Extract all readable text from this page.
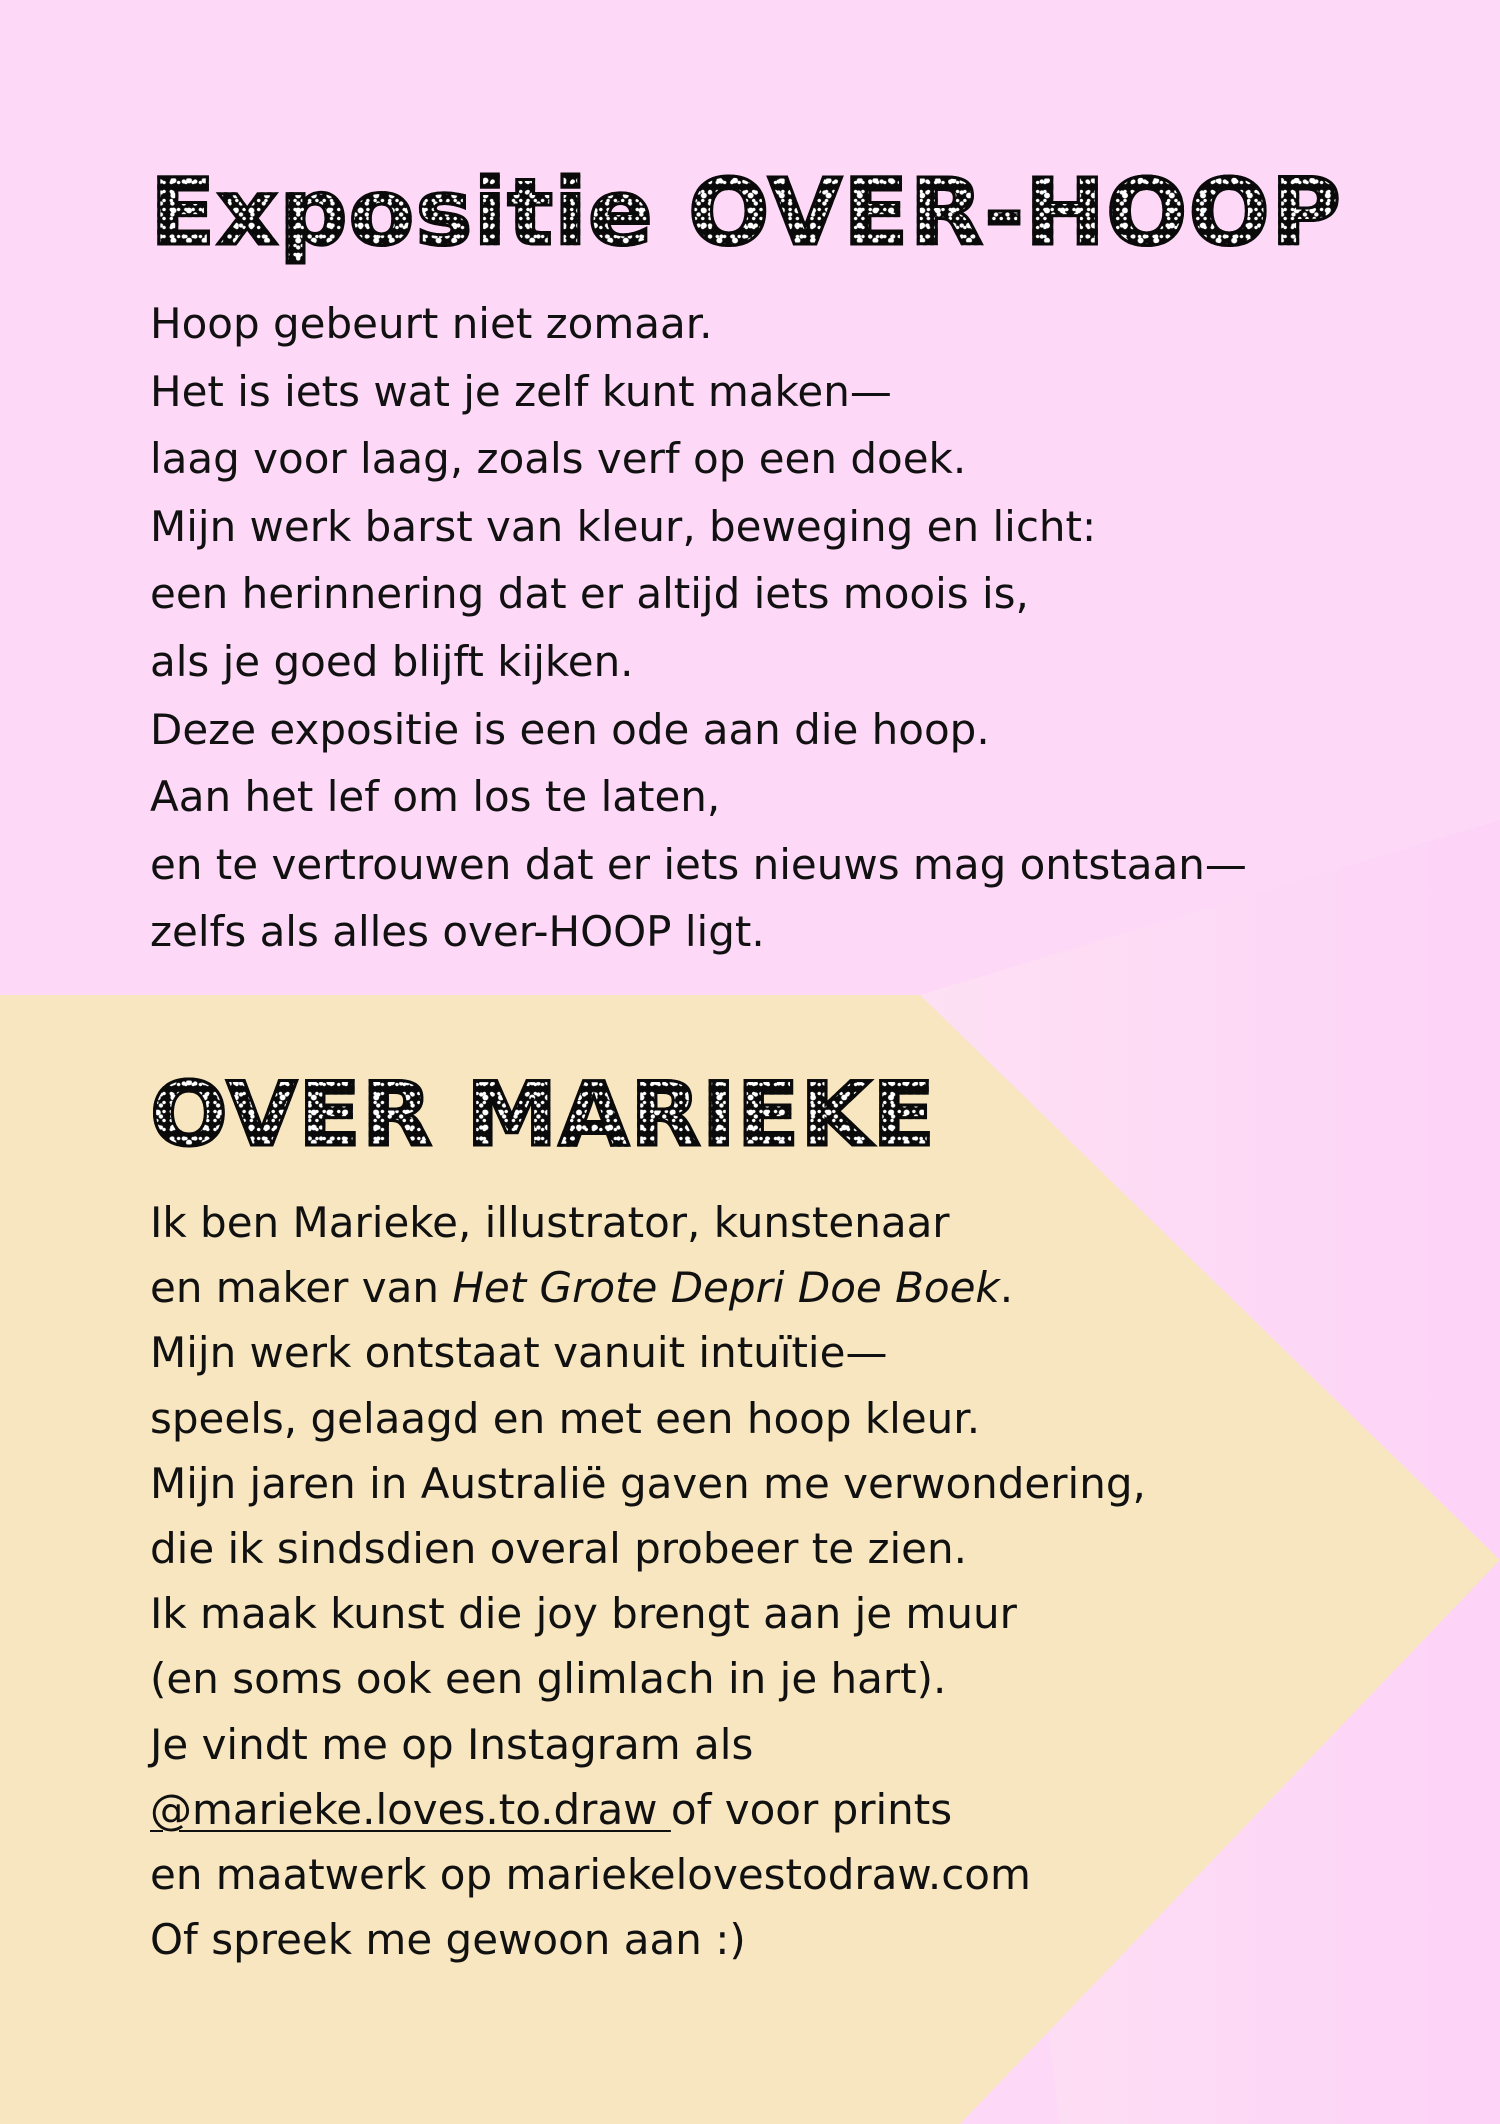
Expositie OVER-HOOP
Hoop gebeurt niet zomaar.
Het is iets wat je zelf kunt maken—
laag voor laag, zoals verf op een doek.
Mijn werk barst van kleur, beweging en licht:
een herinnering dat er altijd iets moois is,
als je goed blijft kijken.
Deze expositie is een ode aan die hoop.
Aan het lef om los te laten,
en te vertrouwen dat er iets nieuws mag ontstaan—
zelfs als alles over-HOOP ligt.
OVER MARIEKE
Ik ben Marieke, illustrator, kunstenaar
en maker van Het Grote Depri Doe Boek.
Mijn werk ontstaat vanuit intuïtie—
speels, gelaagd en met een hoop kleur.
Mijn jaren in Australië gaven me verwondering,
die ik sindsdien overal probeer te zien.
Ik maak kunst die joy brengt aan je muur
(en soms ook een glimlach in je hart).
Je vindt me op Instagram als
@marieke.loves.to.draw of voor prints
en maatwerk op mariekelovestodraw.com
Of spreek me gewoon aan :)
